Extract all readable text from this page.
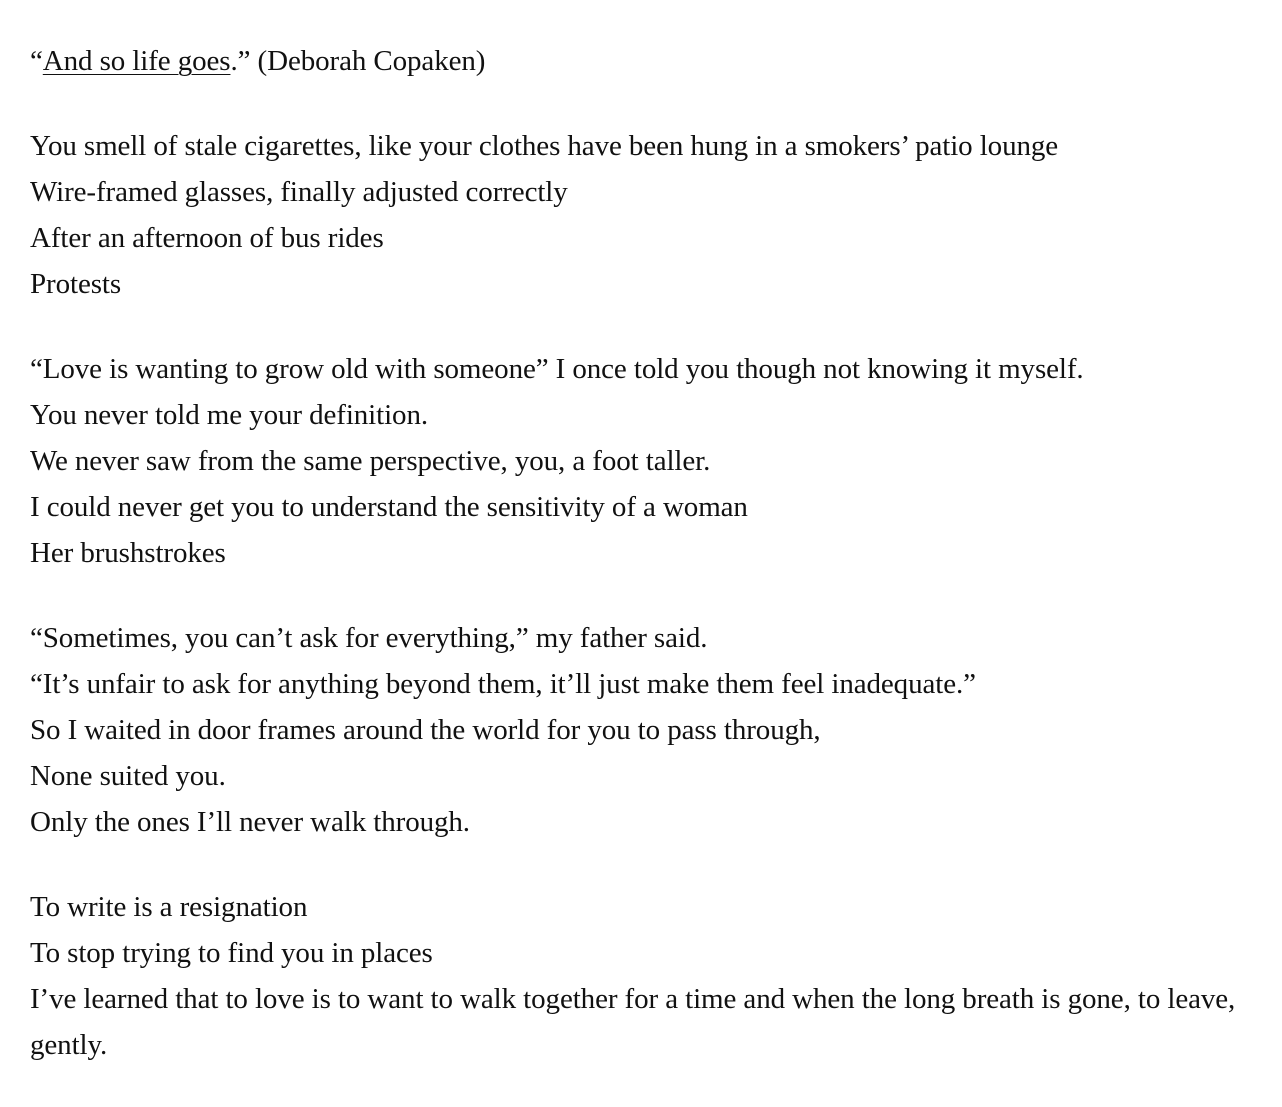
“And so life goes.” (Deborah Copaken)
You smell of stale cigarettes, like your clothes have been hung in a smokers’ patio lounge
Wire-framed glasses, finally adjusted correctly
After an afternoon of bus rides
Protests
“Love is wanting to grow old with someone” I once told you though not knowing it myself.
You never told me your definition.
We never saw from the same perspective, you, a foot taller.
I could never get you to understand the sensitivity of a woman
Her brushstrokes
“Sometimes, you can’t ask for everything,” my father said.
“It’s unfair to ask for anything beyond them, it’ll just make them feel inadequate.”
So I waited in door frames around the world for you to pass through,
None suited you.
Only the ones I’ll never walk through.
To write is a resignation
To stop trying to find you in places
I’ve learned that to love is to want to walk together for a time and when the long breath is gone, to leave, gently.
